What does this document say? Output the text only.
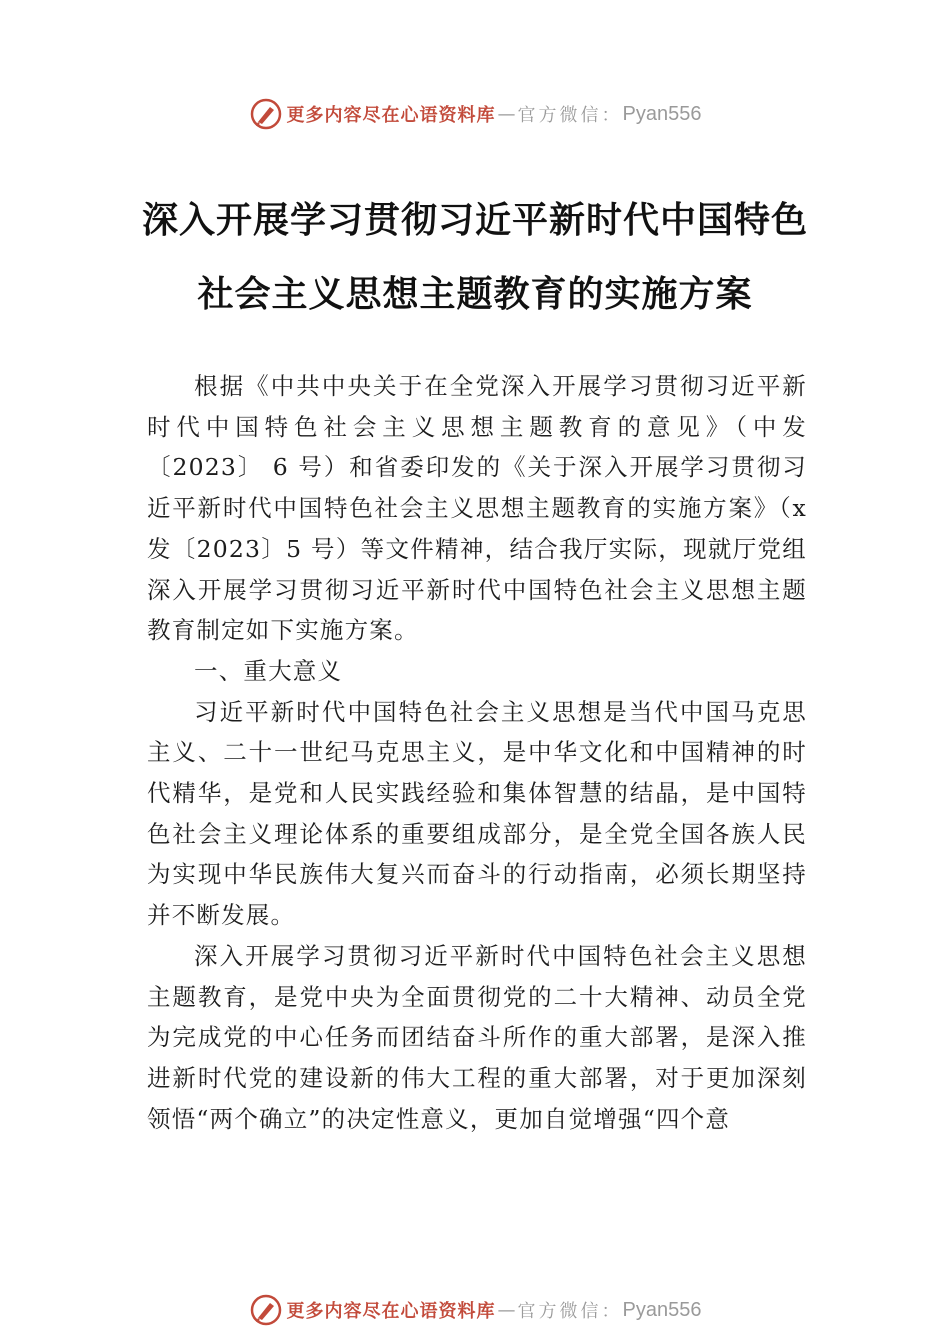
更多内容尽在心语资料库 — 官方微信： Pyan556
深入开展学习贯彻习近平新时代中国特色
社会主义思想主题教育的实施方案

根据《中共中央关于在全党深入开展学习贯彻习近平新时代中国特色社会主义思想主题教育的意见》（中发〔2023〕 6 号）和省委印发的《关于深入开展学习贯彻习近平新时代中国特色社会主义思想主题教育的实施方案》（x 发〔2023〕5 号）等文件精神，结合我厅实际，现就厅党组深入开展学习贯彻习近平新时代中国特色社会主义思想主题教育制定如下实施方案。

一、重大意义

习近平新时代中国特色社会主义思想是当代中国马克思主义、二十一世纪马克思主义，是中华文化和中国精神的时代精华，是党和人民实践经验和集体智慧的结晶，是中国特色社会主义理论体系的重要组成部分，是全党全国各族人民为实现中华民族伟大复兴而奋斗的行动指南，必须长期坚持并不断发展。

深入开展学习贯彻习近平新时代中国特色社会主义思想主题教育，是党中央为全面贯彻党的二十大精神、动员全党为完成党的中心任务而团结奋斗所作的重大部署，是深入推进新时代党的建设新的伟大工程的重大部署，对于更加深刻领悟“两个确立”的决定性意义，更加自觉增强“四个意

更多内容尽在心语资料库 — 官方微信： Pyan556
